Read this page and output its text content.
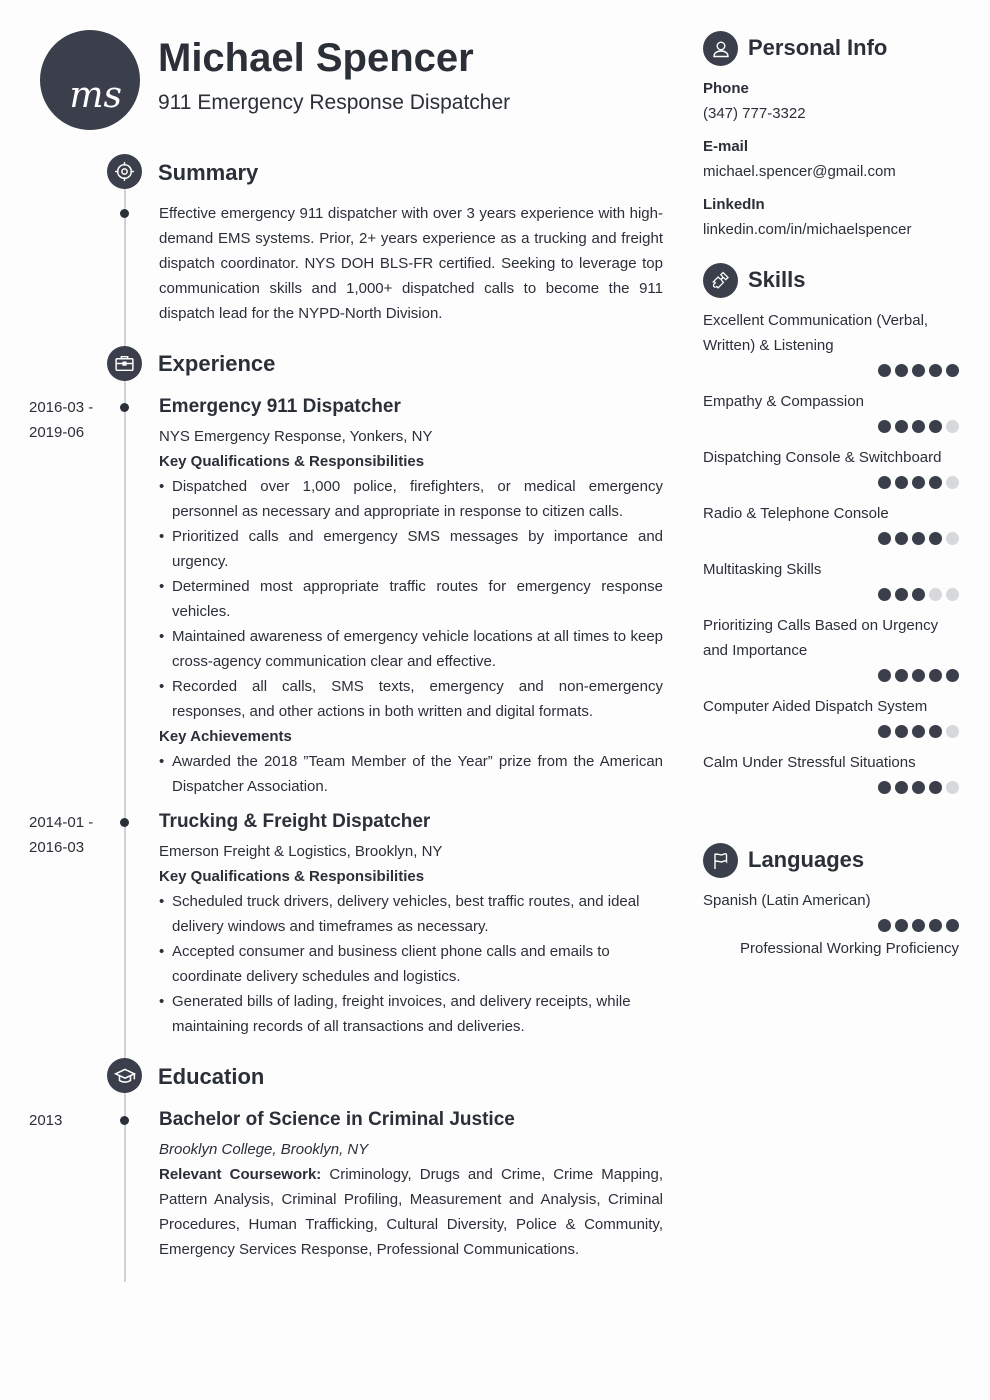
ms
Michael Spencer
911 Emergency Response Dispatcher
Summary
Effective emergency 911 dispatcher with over 3 years experience with high-demand EMS systems. Prior, 2+ years experience as a trucking and freight dispatch coordinator. NYS DOH BLS-FR certified. Seeking to leverage top communication skills and 1,000+ dispatched calls to become the 911 dispatch lead for the NYPD-North Division.
Experience
2016-03 -
2019-06
Emergency 911 Dispatcher
NYS Emergency Response, Yonkers, NY
Key Qualifications & Responsibilities
• Dispatched over 1,000 police, firefighters, or medical emergency personnel as necessary and appropriate in response to citizen calls.
• Prioritized calls and emergency SMS messages by importance and urgency.
• Determined most appropriate traffic routes for emergency response vehicles.
• Maintained awareness of emergency vehicle locations at all times to keep cross-agency communication clear and effective.
• Recorded all calls, SMS texts, emergency and non-emergency responses, and other actions in both written and digital formats.
Key Achievements
• Awarded the 2018 ”Team Member of the Year” prize from the American Dispatcher Association.
2014-01 -
2016-03
Trucking & Freight Dispatcher
Emerson Freight & Logistics, Brooklyn, NY
Key Qualifications & Responsibilities
• Scheduled truck drivers, delivery vehicles, best traffic routes, and ideal delivery windows and timeframes as necessary.
• Accepted consumer and business client phone calls and emails to coordinate delivery schedules and logistics.
• Generated bills of lading, freight invoices, and delivery receipts, while maintaining records of all transactions and deliveries.
Education
2013	Bachelor of Science in Criminal Justice
Brooklyn College, Brooklyn, NY
Relevant Coursework: Criminology, Drugs and Crime, Crime Mapping, Pattern Analysis, Criminal Profiling, Measurement and Analysis, Criminal Procedures, Human Trafficking, Cultural Diversity, Police & Community, Emergency Services Response, Professional Communications.
Personal Info
Phone
(347) 777-3322
E-mail
michael.spencer@gmail.com
LinkedIn
linkedin.com/in/michaelspencer
Skills
Excellent Communication (Verbal, Written) & Listening
Empathy & Compassion
Dispatching Console & Switchboard
Radio & Telephone Console
Multitasking Skills
Prioritizing Calls Based on Urgency and Importance
Computer Aided Dispatch System
Calm Under Stressful Situations
Languages
Spanish (Latin American)
Professional Working Proficiency
